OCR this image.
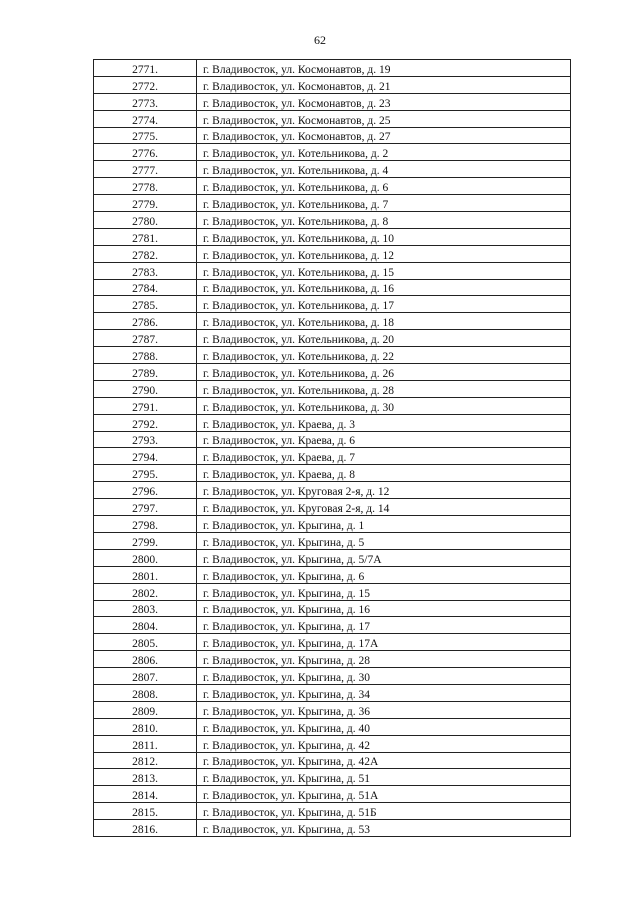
62
2771.	г. Владивосток, ул. Космонавтов, д. 19
2772.	г. Владивосток, ул. Космонавтов, д. 21
2773.	г. Владивосток, ул. Космонавтов, д. 23
2774.	г. Владивосток, ул. Космонавтов, д. 25
2775.	г. Владивосток, ул. Космонавтов, д. 27
2776.	г. Владивосток, ул. Котельникова, д. 2
2777.	г. Владивосток, ул. Котельникова, д. 4
2778.	г. Владивосток, ул. Котельникова, д. 6
2779.	г. Владивосток, ул. Котельникова, д. 7
2780.	г. Владивосток, ул. Котельникова, д. 8
2781.	г. Владивосток, ул. Котельникова, д. 10
2782.	г. Владивосток, ул. Котельникова, д. 12
2783.	г. Владивосток, ул. Котельникова, д. 15
2784.	г. Владивосток, ул. Котельникова, д. 16
2785.	г. Владивосток, ул. Котельникова, д. 17
2786.	г. Владивосток, ул. Котельникова, д. 18
2787.	г. Владивосток, ул. Котельникова, д. 20
2788.	г. Владивосток, ул. Котельникова, д. 22
2789.	г. Владивосток, ул. Котельникова, д. 26
2790.	г. Владивосток, ул. Котельникова, д. 28
2791.	г. Владивосток, ул. Котельникова, д. 30
2792.	г. Владивосток, ул. Краева, д. 3
2793.	г. Владивосток, ул. Краева, д. 6
2794.	г. Владивосток, ул. Краева, д. 7
2795.	г. Владивосток, ул. Краева, д. 8
2796.	г. Владивосток, ул. Круговая 2-я, д. 12
2797.	г. Владивосток, ул. Круговая 2-я, д. 14
2798.	г. Владивосток, ул. Крыгина, д. 1
2799.	г. Владивосток, ул. Крыгина, д. 5
2800.	г. Владивосток, ул. Крыгина, д. 5/7А
2801.	г. Владивосток, ул. Крыгина, д. 6
2802.	г. Владивосток, ул. Крыгина, д. 15
2803.	г. Владивосток, ул. Крыгина, д. 16
2804.	г. Владивосток, ул. Крыгина, д. 17
2805.	г. Владивосток, ул. Крыгина, д. 17А
2806.	г. Владивосток, ул. Крыгина, д. 28
2807.	г. Владивосток, ул. Крыгина, д. 30
2808.	г. Владивосток, ул. Крыгина, д. 34
2809.	г. Владивосток, ул. Крыгина, д. 36
2810.	г. Владивосток, ул. Крыгина, д. 40
2811.	г. Владивосток, ул. Крыгина, д. 42
2812.	г. Владивосток, ул. Крыгина, д. 42А
2813.	г. Владивосток, ул. Крыгина, д. 51
2814.	г. Владивосток, ул. Крыгина, д. 51А
2815.	г. Владивосток, ул. Крыгина, д. 51Б
2816.	г. Владивосток, ул. Крыгина, д. 53
